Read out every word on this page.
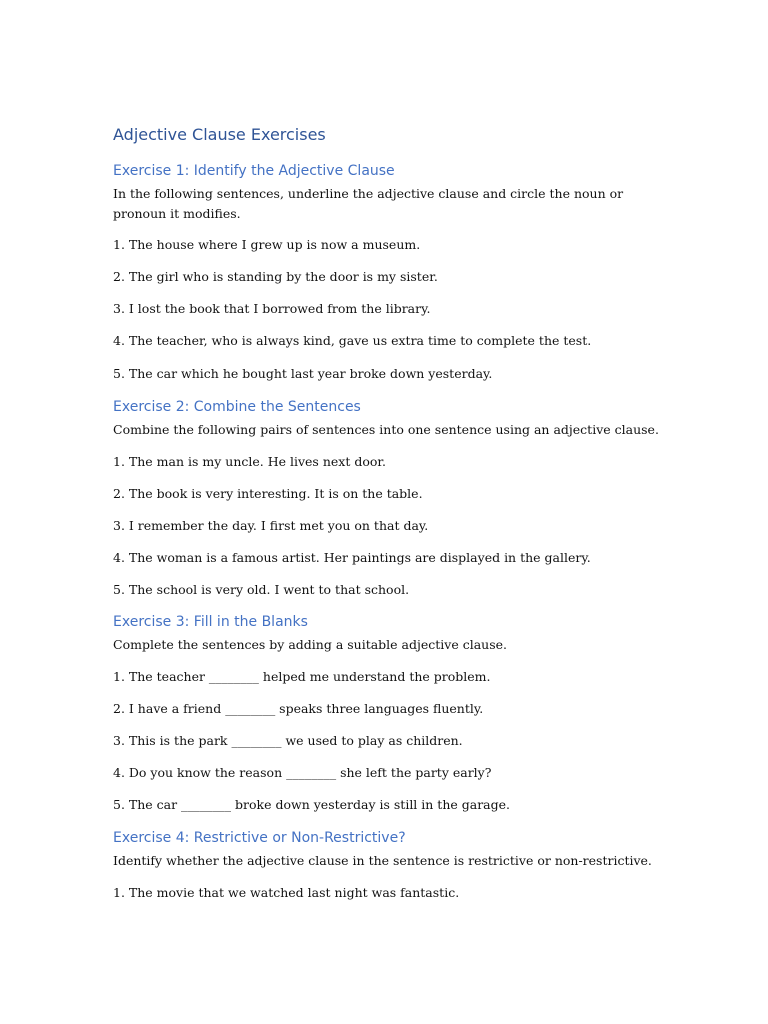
Adjective Clause Exercises
Exercise 1: Identify the Adjective Clause

In the following sentences, underline the adjective clause and circle the noun or pronoun it modifies.

1. The house where I grew up is now a museum.

2. The girl who is standing by the door is my sister.

3. I lost the book that I borrowed from the library.

4. The teacher, who is always kind, gave us extra time to complete the test.

5. The car which he bought last year broke down yesterday.

Exercise 2: Combine the Sentences

Combine the following pairs of sentences into one sentence using an adjective clause.

1. The man is my uncle. He lives next door.

2. The book is very interesting. It is on the table.

3. I remember the day. I first met you on that day.

4. The woman is a famous artist. Her paintings are displayed in the gallery.

5. The school is very old. I went to that school.

Exercise 3: Fill in the Blanks

Complete the sentences by adding a suitable adjective clause.

1. The teacher ________ helped me understand the problem.

2. I have a friend ________ speaks three languages fluently.

3. This is the park ________ we used to play as children.

4. Do you know the reason ________ she left the party early?

5. The car ________ broke down yesterday is still in the garage.

Exercise 4: Restrictive or Non-Restrictive?

Identify whether the adjective clause in the sentence is restrictive or non-restrictive.

1. The movie that we watched last night was fantastic.
